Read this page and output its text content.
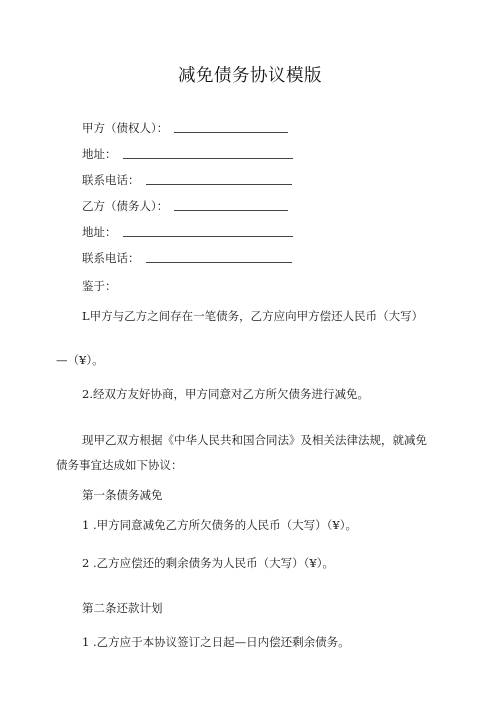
减免债务协议模版
甲方（债权人）：
地址：
联系电话：
乙方（债务人）：
地址：
联系电话：
鉴于：
L甲方与乙方之间存在一笔债务，乙方应向甲方偿还人民币（大写）
—（¥）。
2.经双方友好协商，甲方同意对乙方所欠债务进行减免。
现甲乙双方根据《中华人民共和国合同法》及相关法律法规，就减免
债务事宜达成如下协议：
第一条债务减免
1 .甲方同意减免乙方所欠债务的人民币（大写）（¥）。
2 .乙方应偿还的剩余债务为人民币（大写）（¥）。
第二条还款计划
1 .乙方应于本协议签订之日起—日内偿还剩余债务。
